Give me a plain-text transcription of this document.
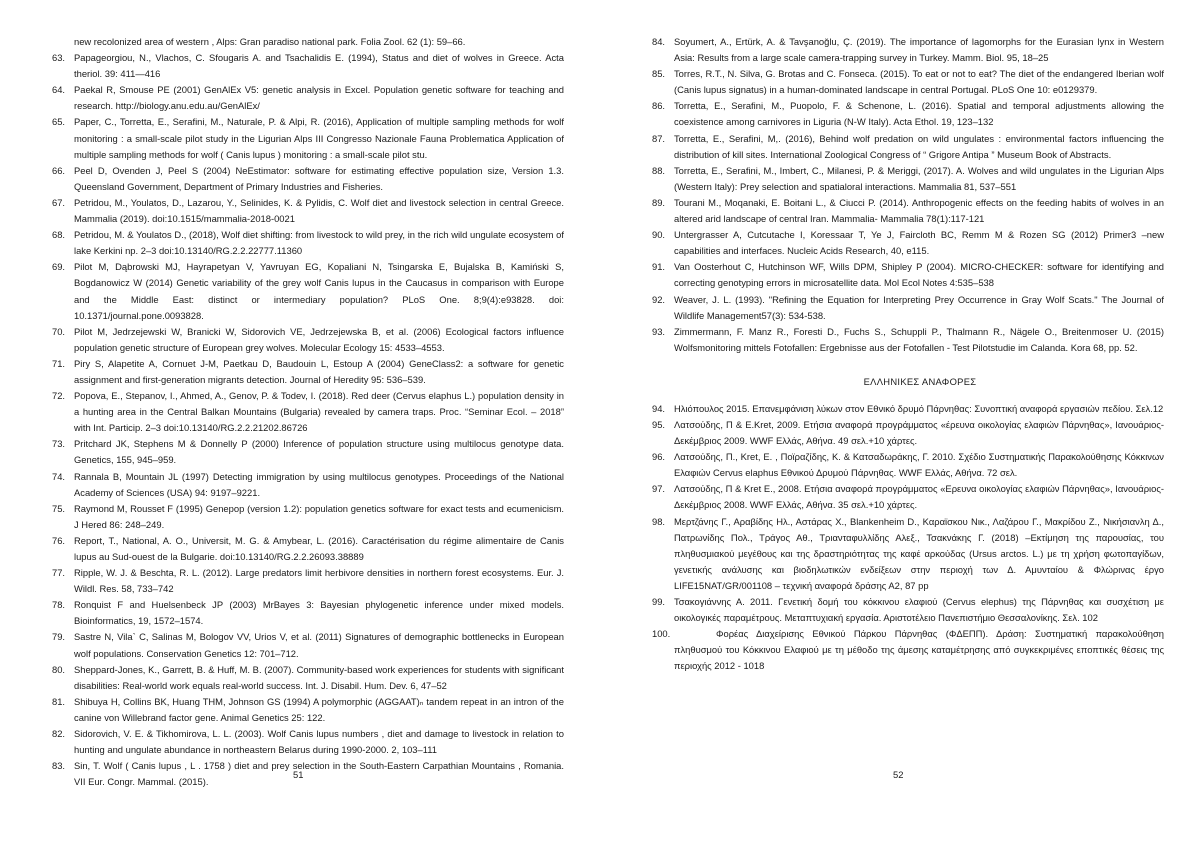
new recolonized area of western , Alps: Gran paradiso national park. Folia Zool. 62 (1): 59–66.
63. Papageorgiou, N., Vlachos, C. Sfougaris A. and Tsachalidis E. (1994), Status and diet of wolves in Greece. Acta theriol. 39: 411—416
64. Paekal R, Smouse PE (2001) GenAlEx V5: genetic analysis in Excel. Population genetic software for teaching and research. http://biology.anu.edu.au/GenAlEx/
65. Paper, C., Torretta, E., Serafini, M., Naturale, P. & Alpi, R. (2016), Application of multiple sampling methods for wolf monitoring : a small-scale pilot study in the Ligurian Alps III Congresso Nazionale Fauna Problematica Application of multiple sampling methods for wolf ( Canis lupus ) monitoring : a small-scale pilot stu.
66. Peel D, Ovenden J, Peel S (2004) NeEstimator: software for estimating effective population size, Version 1.3. Queensland Government, Department of Primary Industries and Fisheries.
67. Petridou, M., Youlatos, D., Lazarou, Y., Selinides, K. & Pylidis, C. Wolf diet and livestock selection in central Greece. Mammalia (2019). doi:10.1515/mammalia-2018-0021
68. Petridou, M. & Youlatos D., (2018), Wolf diet shifting: from livestock to wild prey, in the rich wild ungulate ecosystem of lake Kerkini np. 2–3 doi:10.13140/RG.2.2.22777.11360
69. Pilot M, Dąbrowski MJ, Hayrapetyan V, Yavruyan EG, Kopaliani N, Tsingarska E, Bujalska B, Kamiński S, Bogdanowicz W (2014) Genetic variability of the grey wolf Canis lupus in the Caucasus in comparison with Europe and the Middle East: distinct or intermediary population? PLoS One. 8;9(4):e93828. doi: 10.1371/journal.pone.0093828.
70. Pilot M, Jedrzejewski W, Branicki W, Sidorovich VE, Jedrzejewska B, et al. (2006) Ecological factors influence population genetic structure of European grey wolves. Molecular Ecology 15: 4533–4553.
71. Piry S, Alapetite A, Cornuet J-M, Paetkau D, Baudouin L, Estoup A (2004) GeneClass2: a software for genetic assignment and first-generation migrants detection. Journal of Heredity 95: 536–539.
72. Popova, E., Stepanov, I., Ahmed, A., Genov, P. & Todev, I. (2018). Red deer (Cervus elaphus L.) population density in a hunting area in the Central Balkan Mountains (Bulgaria) revealed by camera traps. Proc. “Seminar Ecol. – 2018” with Int. Particip. 2–3 doi:10.13140/RG.2.2.21202.86726
73. Pritchard JK, Stephens M & Donnelly P (2000) Inference of population structure using multilocus genotype data. Genetics, 155, 945–959.
74. Rannala B, Mountain JL (1997) Detecting immigration by using multilocus genotypes. Proceedings of the National Academy of Sciences (USA) 94: 9197–9221.
75. Raymond M, Rousset F (1995) Genepop (version 1.2): population genetics software for exact tests and ecumenicism. J Hered 86: 248–249.
76. Report, T., National, A. O., Universit, M. G. & Amybear, L. (2016). Caractérisation du régime alimentaire de Canis lupus au Sud-ouest de la Bulgarie. doi:10.13140/RG.2.2.26093.38889
77. Ripple, W. J. & Beschta, R. L. (2012). Large predators limit herbivore densities in northern forest ecosystems. Eur. J. Wildl. Res. 58, 733–742
78. Ronquist F and Huelsenbeck JP (2003) MrBayes 3: Bayesian phylogenetic inference under mixed models. Bioinformatics, 19, 1572–1574.
79. Sastre N, Vila` C, Salinas M, Bologov VV, Urios V, et al. (2011) Signatures of demographic bottlenecks in European wolf populations. Conservation Genetics 12: 701–712.
80. Sheppard-Jones, K., Garrett, B. & Huff, M. B. (2007). Community-based work experiences for students with significant disabilities: Real-world work equals real-world success. Int. J. Disabil. Hum. Dev. 6, 47–52
81. Shibuya H, Collins BK, Huang THM, Johnson GS (1994) A polymorphic (AGGAAT)ₙ tandem repeat in an intron of the canine von Willebrand factor gene. Animal Genetics 25: 122.
82. Sidorovich, V. E. & Tikhomirova, L. L. (2003). Wolf Canis lupus numbers , diet and damage to livestock in relation to hunting and ungulate abundance in northeastern Belarus during 1990-2000. 2, 103–111
83. Sin, T. Wolf ( Canis lupus , L . 1758 ) diet and prey selection in the South-Eastern Carpathian Mountains , Romania. VII Eur. Congr. Mammal. (2015).
84. Soyumert, A., Ertürk, A. & Tavşanoğlu, Ç. (2019). The importance of lagomorphs for the Eurasian lynx in Western Asia: Results from a large scale camera-trapping survey in Turkey. Mamm. Biol. 95, 18–25
85. Torres, R.T., N. Silva, G. Brotas and C. Fonseca. (2015). To eat or not to eat? The diet of the endangered Iberian wolf (Canis lupus signatus) in a human-dominated landscape in central Portugal. PLoS One 10: e0129379.
86. Torretta, E., Serafini, M., Puopolo, F. & Schenone, L. (2016). Spatial and temporal adjustments allowing the coexistence among carnivores in Liguria (N-W Italy). Acta Ethol. 19, 123–132
87. Torretta, E., Serafini, M,. (2016), Behind wolf predation on wild ungulates : environmental factors influencing the distribution of kill sites. International Zoological Congress of “ Grigore Antipa ” Museum Book of Abstracts.
88. Torretta, E., Serafini, M., Imbert, C., Milanesi, P. & Meriggi, (2017). A. Wolves and wild ungulates in the Ligurian Alps (Western Italy): Prey selection and spatialoral interactions. Mammalia 81, 537–551
89. Tourani M., Moqanaki, E. Boitani L., & Ciucci P. (2014). Anthropogenic effects on the feeding habits of wolves in an altered arid landscape of central Iran. Mammalia- Mammalia 78(1):117-121
90. Untergrasser A, Cutcutache I, Koressaar T, Ye J, Faircloth BC, Remm M & Rozen SG (2012) Primer3 –new capabilities and interfaces. Nucleic Acids Research, 40, e115.
91. Van Oosterhout C, Hutchinson WF, Wills DPM, Shipley P (2004). MICRO-CHECKER: software for identifying and correcting genotyping errors in microsatellite data. Mol Ecol Notes 4:535–538
92. Weaver, J. L. (1993). "Refining the Equation for Interpreting Prey Occurrence in Gray Wolf Scats." The Journal of Wildlife Management57(3): 534-538.
93. Zimmermann, F. Manz R., Foresti D., Fuchs S., Schuppli P., Thalmann R., Nägele O., Breitenmoser U. (2015) Wolfsmonitoring mittels Fotofallen: Ergebnisse aus der Fotofallen - Test Pilotstudie im Calanda. Kora 68, pp. 52.
ΕΛΛΗΝΙΚΕΣ ΑΝΑΦΟΡΕΣ
94. Ηλιόπουλος 2015. Επανεμφάνιση λύκων στον Εθνικό δρυμό Πάρνηθας: Συνοπτική αναφορά εργασιών πεδίου. Σελ.12
95. Λατσούδης, Π & E.Kret, 2009. Ετήσια αναφορά προγράμματος «έρευνα οικολογίας ελαφιών Πάρνηθας», Ιανουάριος-Δεκέμβριος 2009. WWF Ελλάς, Αθήνα. 49 σελ.+10 χάρτες.
96. Λατσούδης, Π., Kret, E. , Ποϊραζίδης, Κ. & Κατσαδωράκης, Γ. 2010. Σχέδιο Συστηματικής Παρακολούθησης Κόκκινων Ελαφιών Cervus elaphus Εθνικού Δρυμού Πάρνηθας. WWF Ελλάς, Αθήνα. 72 σελ.
97. Λατσούδης, Π & Kret E., 2008. Ετήσια αναφορά προγράμματος «Ερευνα οικολογίας ελαφιών Πάρνηθας», Ιανουάριος-Δεκέμβριος 2008. WWF Ελλάς, Αθήνα. 35 σελ.+10 χάρτες.
98. Μερτζάνης Γ., Αραβίδης Ηλ., Αστάρας Χ., Blankenheim D., Καραϊσκου Νικ., Λαζάρου Γ., Μακρίδου Ζ., Νικήσιανλη Δ., Πατρωνίδης Πολ., Τράγος Αθ., Τριανταφυλλίδης Αλεξ., Τσακνάκης Γ. (2018) –Εκτίμηση της παρουσίας, του πληθυσμιακού μεγέθους και της δραστηριότητας της καφέ αρκούδας (Ursus arctos. L.) με τη χρήση φωτοπαγίδων, γενετικής ανάλυσης και βιοδηλωτικών ενδείξεων στην περιοχή των Δ. Αμυνταίου & Φλώρινας έργο LIFE15NAT/GR/001108 – τεχνική αναφορά δράσης Α2, 87 pp
99. Τσακογιάννης Α. 2011. Γενετική δομή του κόκκινου ελαφιού (Cervus elephus) της Πάρνηθας και συσχέτιση με οικολογικές παραμέτρους. Μεταπτυχιακή εργασία. Αριστοτέλειο Πανεπιστήμιο Θεσσαλονίκης. Σελ. 102
100.	Φορέας Διαχείρισης Εθνικού Πάρκου Πάρνηθας (ΦΔΕΠΠ). Δράση: Συστηματική παρακολούθηση πληθυσμού του Κόκκινου Ελαφιού με τη μέθοδο της άμεσης καταμέτρησης από συγκεκριμένες εποπτικές θέσεις της περιοχής 2012 - 1018
51	52
